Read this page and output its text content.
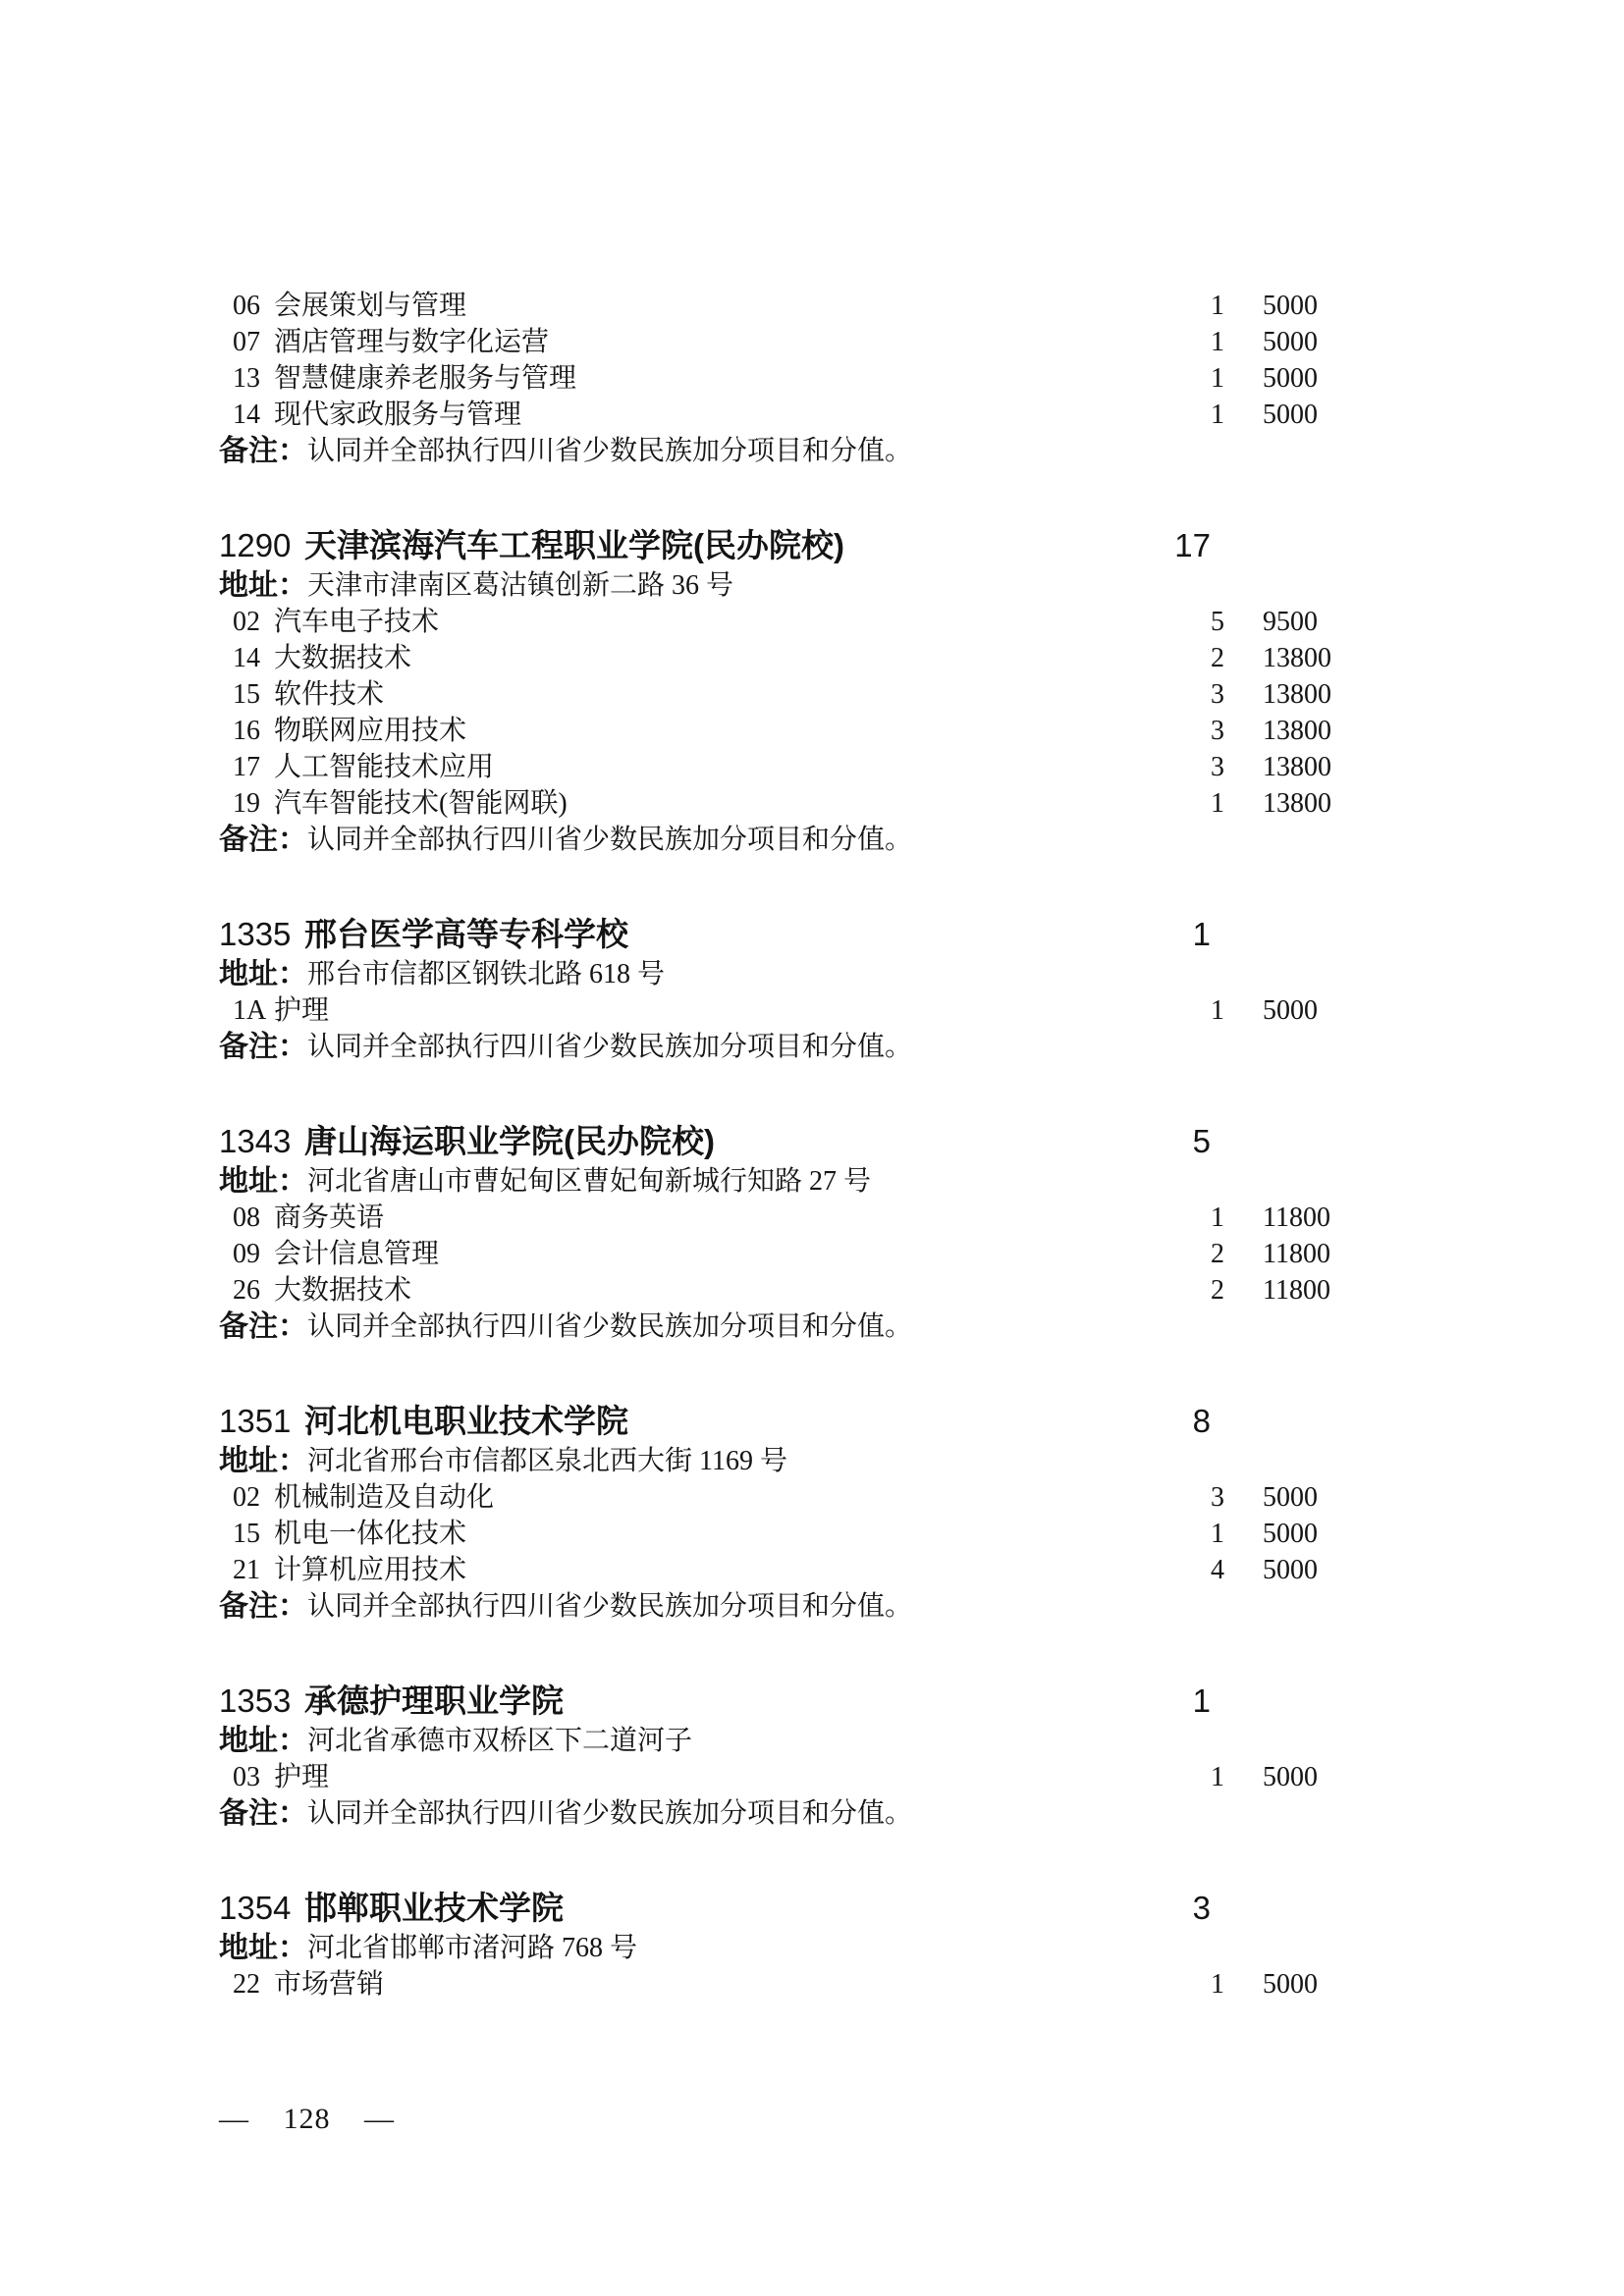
06 会展策划与管理	1	5000
07 酒店管理与数字化运营	1	5000
13 智慧健康养老服务与管理	1	5000
14 现代家政服务与管理	1	5000
备注： 认同并全部执行四川省少数民族加分项目和分值。
1290 天津滨海汽车工程职业学院(民办院校)	17
地址： 天津市津南区葛沽镇创新二路 36 号
02 汽车电子技术	5	9500
14 大数据技术	2	13800
15 软件技术	3	13800
16 物联网应用技术	3	13800
17 人工智能技术应用	3	13800
19 汽车智能技术(智能网联)	1	13800
备注： 认同并全部执行四川省少数民族加分项目和分值。
1335 邢台医学高等专科学校	1
地址： 邢台市信都区钢铁北路 618 号
1A 护理	1	5000
备注： 认同并全部执行四川省少数民族加分项目和分值。
1343 唐山海运职业学院(民办院校)	5
地址： 河北省唐山市曹妃甸区曹妃甸新城行知路 27 号
08 商务英语	1	11800
09 会计信息管理	2	11800
26 大数据技术	2	11800
备注： 认同并全部执行四川省少数民族加分项目和分值。
1351 河北机电职业技术学院	8
地址： 河北省邢台市信都区泉北西大街 1169 号
02 机械制造及自动化	3	5000
15 机电一体化技术	1	5000
21 计算机应用技术	4	5000
备注： 认同并全部执行四川省少数民族加分项目和分值。
1353 承德护理职业学院	1
地址： 河北省承德市双桥区下二道河子
03 护理	1	5000
备注： 认同并全部执行四川省少数民族加分项目和分值。
1354 邯郸职业技术学院	3
地址： 河北省邯郸市渚河路 768 号
22 市场营销	1	5000
— 128 —
